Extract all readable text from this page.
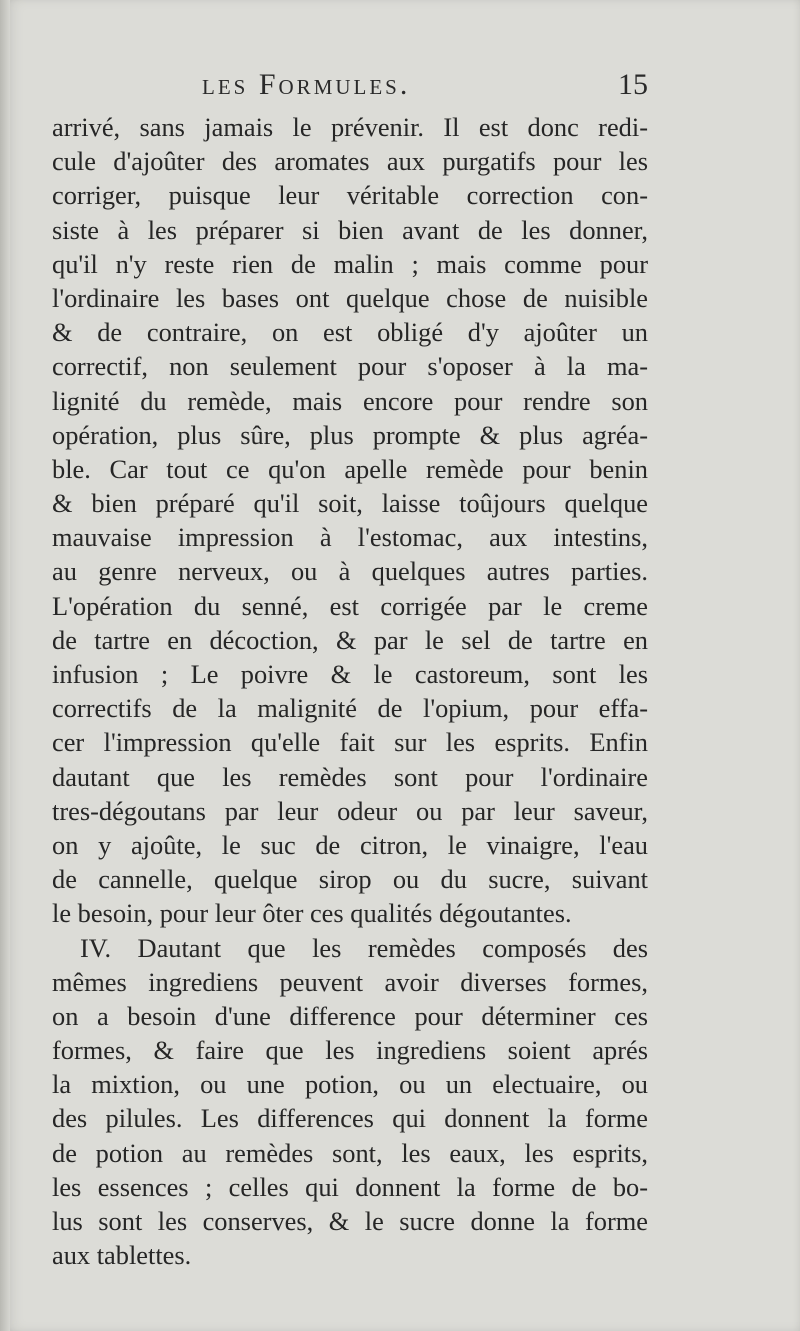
les Formules.	15
arrivé, sans jamais le prévenir. Il est donc redi-
cule d'ajoûter des aromates aux purgatifs pour les
corriger, puisque leur véritable correction con-
siste à les préparer si bien avant de les donner,
qu'il n'y reste rien de malin ; mais comme pour
l'ordinaire les bases ont quelque chose de nuisible
& de contraire, on est obligé d'y ajoûter un
correctif, non seulement pour s'oposer à la ma-
lignité du remède, mais encore pour rendre son
opération, plus sûre, plus prompte & plus agréa-
ble. Car tout ce qu'on apelle remède pour benin
& bien préparé qu'il soit, laisse toûjours quelque
mauvaise impression à l'estomac, aux intestins,
au genre nerveux, ou à quelques autres parties.
L'opération du senné, est corrigée par le creme
de tartre en décoction, & par le sel de tartre en
infusion ; Le poivre & le castoreum, sont les
correctifs de la malignité de l'opium, pour effa-
cer l'impression qu'elle fait sur les esprits. Enfin
dautant que les remèdes sont pour l'ordinaire
tres-dégoutans par leur odeur ou par leur saveur,
on y ajoûte, le suc de citron, le vinaigre, l'eau
de cannelle, quelque sirop ou du sucre, suivant
le besoin, pour leur ôter ces qualités dégoutantes.
IV. Dautant que les remèdes composés des
mêmes ingrediens peuvent avoir diverses formes,
on a besoin d'une difference pour déterminer ces
formes, & faire que les ingrediens soient aprés
la mixtion, ou une potion, ou un electuaire, ou
des pilules. Les differences qui donnent la forme
de potion au remèdes sont, les eaux, les esprits,
les essences ; celles qui donnent la forme de bo-
lus sont les conserves, & le sucre donne la forme
aux tablettes.
